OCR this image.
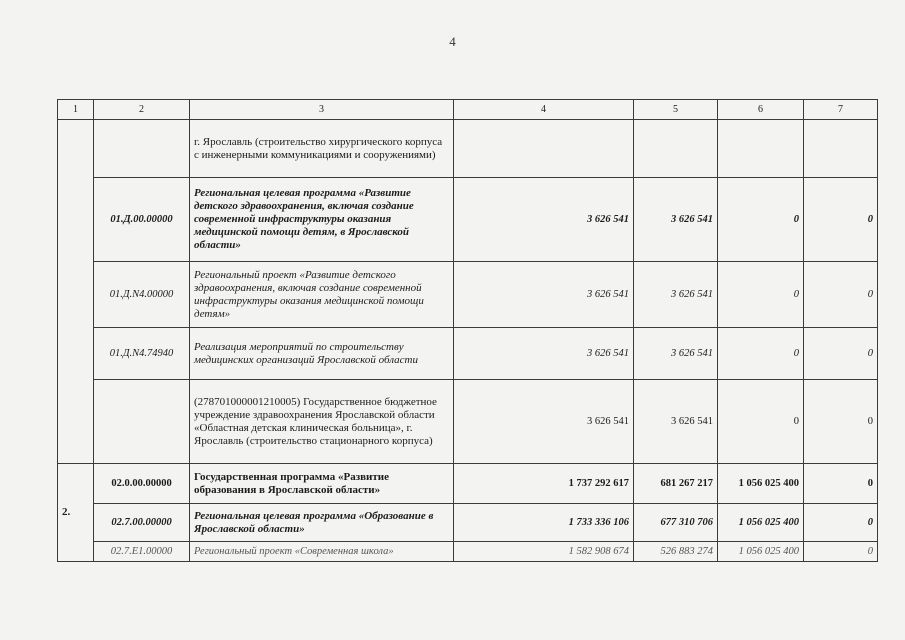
4
1	2	3	4	5	6	7
		г. Ярославль (строительство хирургического корпуса с инженерными коммуникациями и сооружениями)				
	01.Д.00.00000	Региональная целевая программа «Развитие детского здравоохранения, включая создание современной инфраструктуры оказания медицинской помощи детям, в Ярославской области»	3 626 541	3 626 541	0	0
	01.Д.N4.00000	Региональный проект «Развитие детского здравоохранения, включая создание современной инфраструктуры оказания медицинской помощи детям»	3 626 541	3 626 541	0	0
	01.Д.N4.74940	Реализация мероприятий по строительству медицинских организаций Ярославской области	3 626 541	3 626 541	0	0
		(278701000001210005) Государственное бюджетное учреждение здравоохранения Ярославской области «Областная детская клиническая больница», г. Ярославль (строительство стационарного корпуса)	3 626 541	3 626 541	0	0
2.	02.0.00.00000	Государственная программа «Развитие образования в Ярославской области»	1 737 292 617	681 267 217	1 056 025 400	0
	02.7.00.00000	Региональная целевая программа «Образование в Ярославской области»	1 733 336 106	677 310 706	1 056 025 400	0
	02.7.E1.00000	Региональный проект «Современная школа»	1 582 908 674	526 883 274	1 056 025 400	0
